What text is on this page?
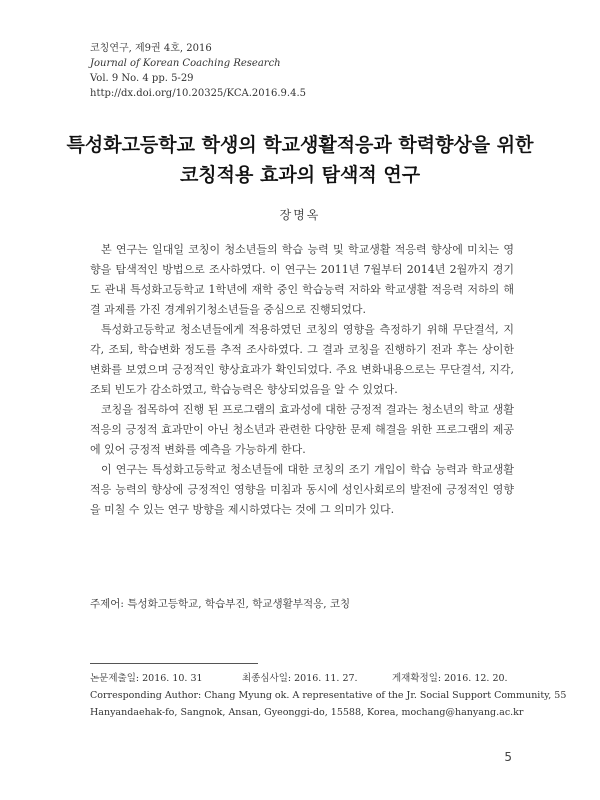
코칭연구, 제9권 4호, 2016
Journal of Korean Coaching Research
Vol. 9 No. 4 pp. 5-29
http://dx.doi.org/10.20325/KCA.2016.9.4.5
특성화고등학교 학생의 학교생활적응과 학력향상을 위한
코칭적용 효과의 탐색적 연구
장명옥

본 연구는 일대일 코칭이 청소년들의 학습 능력 및 학교생활 적응력 향상에 미치는 영향을 탐색적인 방법으로 조사하였다. 이 연구는 2011년 7월부터 2014년 2월까지 경기도 관내 특성화고등학교 1학년에 재학 중인 학습능력 저하와 학교생활 적응력 저하의 해결 과제를 가진 경계위기청소년들을 중심으로 진행되었다.

특성화고등학교 청소년들에게 적용하였던 코칭의 영향을 측정하기 위해 무단결석, 지각, 조퇴, 학습변화 정도를 추적 조사하였다. 그 결과 코칭을 진행하기 전과 후는 상이한 변화를 보였으며 긍정적인 향상효과가 확인되었다. 주요 변화내용으로는 무단결석, 지각, 조퇴 빈도가 감소하였고, 학습능력은 향상되었음을 알 수 있었다.

코칭을 접목하여 진행 된 프로그램의 효과성에 대한 긍정적 결과는 청소년의 학교 생활 적응의 긍정적 효과만이 아닌 청소년과 관련한 다양한 문제 해결을 위한 프로그램의 제공에 있어 긍정적 변화를 예측을 가능하게 한다.

이 연구는 특성화고등학교 청소년들에 대한 코칭의 조기 개입이 학습 능력과 학교생활 적응 능력의 향상에 긍정적인 영향을 미침과 동시에 성인사회로의 발전에 긍정적인 영향을 미칠 수 있는 연구 방향을 제시하였다는 것에 그 의미가 있다.

주제어: 특성화고등학교, 학습부진, 학교생활부적응, 코칭
논문제출일: 2016. 10. 31	최종심사일: 2016. 11. 27.	게재확정일: 2016. 12. 20.
Corresponding Author: Chang Myung ok. A representative of the Jr. Social Support Community, 55
Hanyandaehak-fo, Sangnok, Ansan, Gyeonggi-do, 15588, Korea, mochang@hanyang.ac.kr
5
